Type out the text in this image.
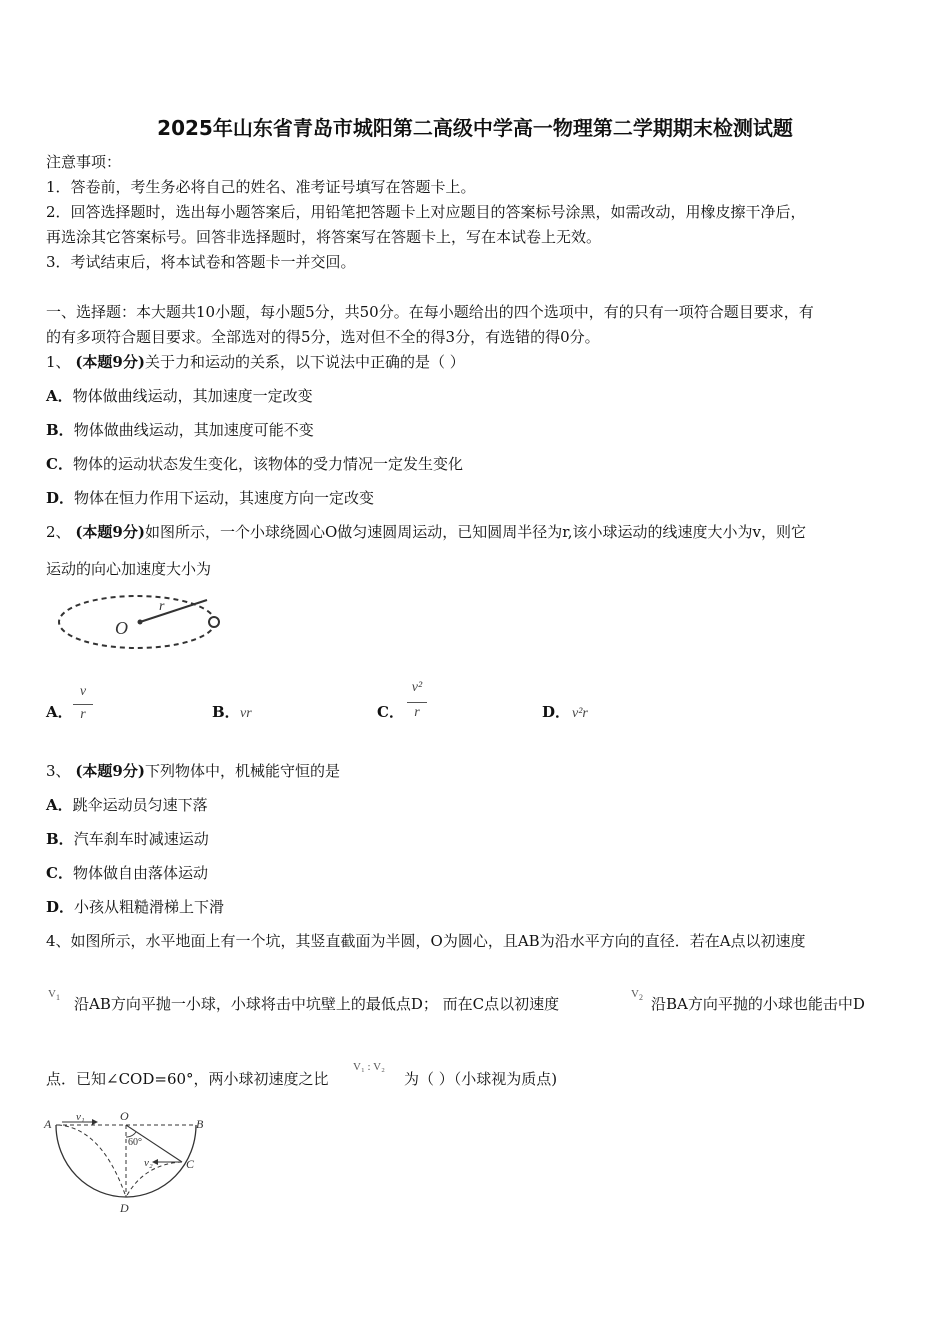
2025年山东省青岛市城阳第二高级中学高一物理第二学期期末检测试题
注意事项：
1．答卷前，考生务必将自己的姓名、准考证号填写在答题卡上。
2．回答选择题时，选出每小题答案后，用铅笔把答题卡上对应题目的答案标号涂黑，如需改动，用橡皮擦干净后，
再选涂其它答案标号。回答非选择题时，将答案写在答题卡上，写在本试卷上无效。
3．考试结束后，将本试卷和答题卡一并交回。
一、选择题：本大题共10小题，每小题5分，共50分。在每小题给出的四个选项中，有的只有一项符合题目要求，有
的有多项符合题目要求。全部选对的得5分，选对但不全的得3分，有选错的得0分。
1、 (本题9分)关于力和运动的关系，以下说法中正确的是（ ）
A．物体做曲线运动，其加速度一定改变
B．物体做曲线运动，其加速度可能不变
C．物体的运动状态发生变化，该物体的受力情况一定发生变化
D．物体在恒力作用下运动，其速度方向一定改变
2、 (本题9分)如图所示，一个小球绕圆心O做匀速圆周运动，已知圆周半径为r,该小球运动的线速度大小为v，则它
运动的向心加速度大小为
O
r
A．
v
r	B． vr	C．
v²
r	D． v²r
3、 (本题9分)下列物体中，机械能守恒的是
A．跳伞运动员匀速下落
B．汽车刹车时减速运动
C．物体做自由落体运动
D．小孩从粗糙滑梯上下滑
4、如图所示，水平地面上有一个坑，其竖直截面为半圆，O为圆心，且AB为沿水平方向的直径．若在A点以初速度
$V_1$ 沿AB方向平抛一小球，小球将击中坑壁上的最低点D； 而在C点以初速度
$V_2$ 沿BA方向平抛的小球也能击中D
点．已知∠COD=60°，两小球初速度之比
V₁ : V₂
为（ ）（小球视为质点)
A	B
O
C
D
v₁
v₂
60°
